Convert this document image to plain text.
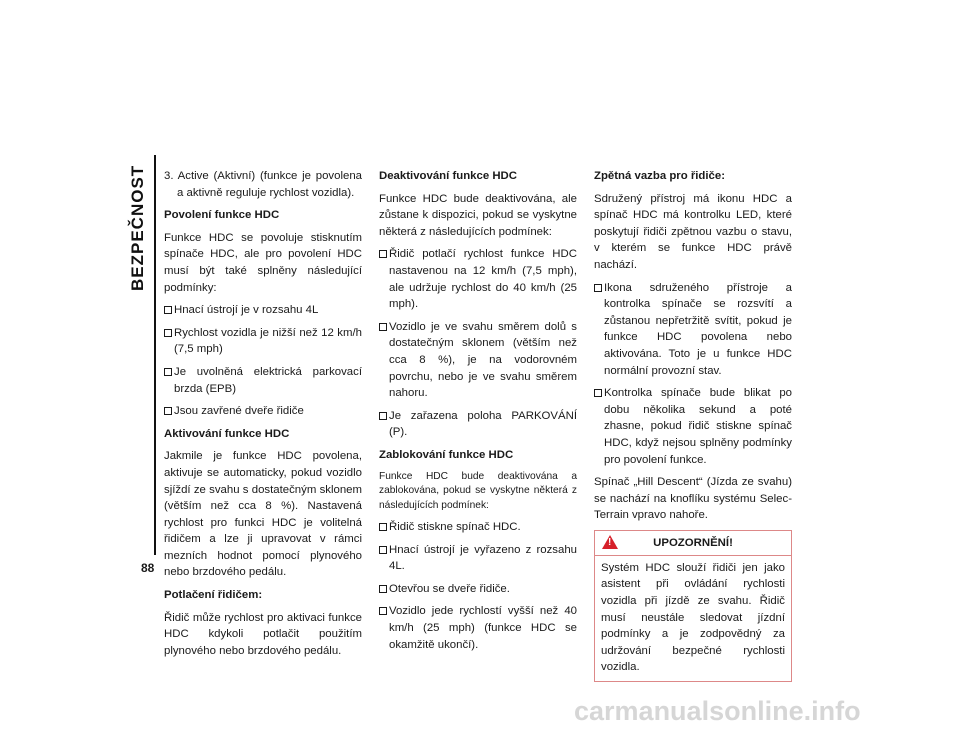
BEZPEČNOST
88

3. Active (Aktivní) (funkce je povolena a aktivně reguluje rychlost vozidla).

Povolení funkce HDC

Funkce HDC se povoluje stisknutím spínače HDC, ale pro povolení HDC musí být také splněny následující podmínky:

Hnací ústrojí je v rozsahu 4L
Rychlost vozidla je nižší než 12 km/h (7,5 mph)
Je uvolněná elektrická parkovací brzda (EPB)
Jsou zavřené dveře řidiče
Aktivování funkce HDC

Jakmile je funkce HDC povolena, aktivuje se automaticky, pokud vozidlo sjíždí ze svahu s dostatečným sklonem (větším než cca 8 %). Nastavená rychlost pro funkci HDC je volitelná řidičem a lze ji upravovat v rámci mezních hodnot pomocí plynového nebo brzdového pedálu.

Potlačení řidičem:

Řidič může rychlost pro aktivaci funkce HDC kdykoli potlačit použitím plynového nebo brzdového pedálu.

Deaktivování funkce HDC

Funkce HDC bude deaktivována, ale zůstane k dispozici, pokud se vyskytne některá z následujících podmínek:

Řidič potlačí rychlost funkce HDC nastavenou na 12 km/h (7,5 mph), ale udržuje rychlost do 40 km/h (25 mph).
Vozidlo je ve svahu směrem dolů s dostatečným sklonem (větším než cca 8 %), je na vodorovném povrchu, nebo je ve svahu směrem nahoru.
Je zařazena poloha PARKOVÁNÍ (P).
Zablokování funkce HDC

Funkce HDC bude deaktivována a zablokována, pokud se vyskytne některá z následujících podmínek:

Řidič stiskne spínač HDC.
Hnací ústrojí je vyřazeno z rozsahu 4L.
Otevřou se dveře řidiče.
Vozidlo jede rychlostí vyšší než 40 km/h (25 mph) (funkce HDC se okamžitě ukončí).
Zpětná vazba pro řidiče:

Sdružený přístroj má ikonu HDC a spínač HDC má kontrolku LED, které poskytují řidiči zpětnou vazbu o stavu, v kterém se funkce HDC právě nachází.

Ikona sdruženého přístroje a kontrolka spínače se rozsvítí a zůstanou nepřetržitě svítit, pokud je funkce HDC povolena nebo aktivována. Toto je u funkce HDC normální provozní stav.
Kontrolka spínače bude blikat po dobu několika sekund a poté zhasne, pokud řidič stiskne spínač HDC, když nejsou splněny podmínky pro povolení funkce.

Spínač „Hill Descent“ (Jízda ze svahu) se nachází na knoflíku systému Selec-Terrain vpravo nahoře.

!	UPOZORNĚNÍ!
Systém HDC slouží řidiči jen jako asistent při ovládání rychlosti vozidla při jízdě ze svahu. Řidič musí neustále sledovat jízdní podmínky a je zodpovědný za udržování bezpečné rychlosti vozidla.
carmanualsonline.info
